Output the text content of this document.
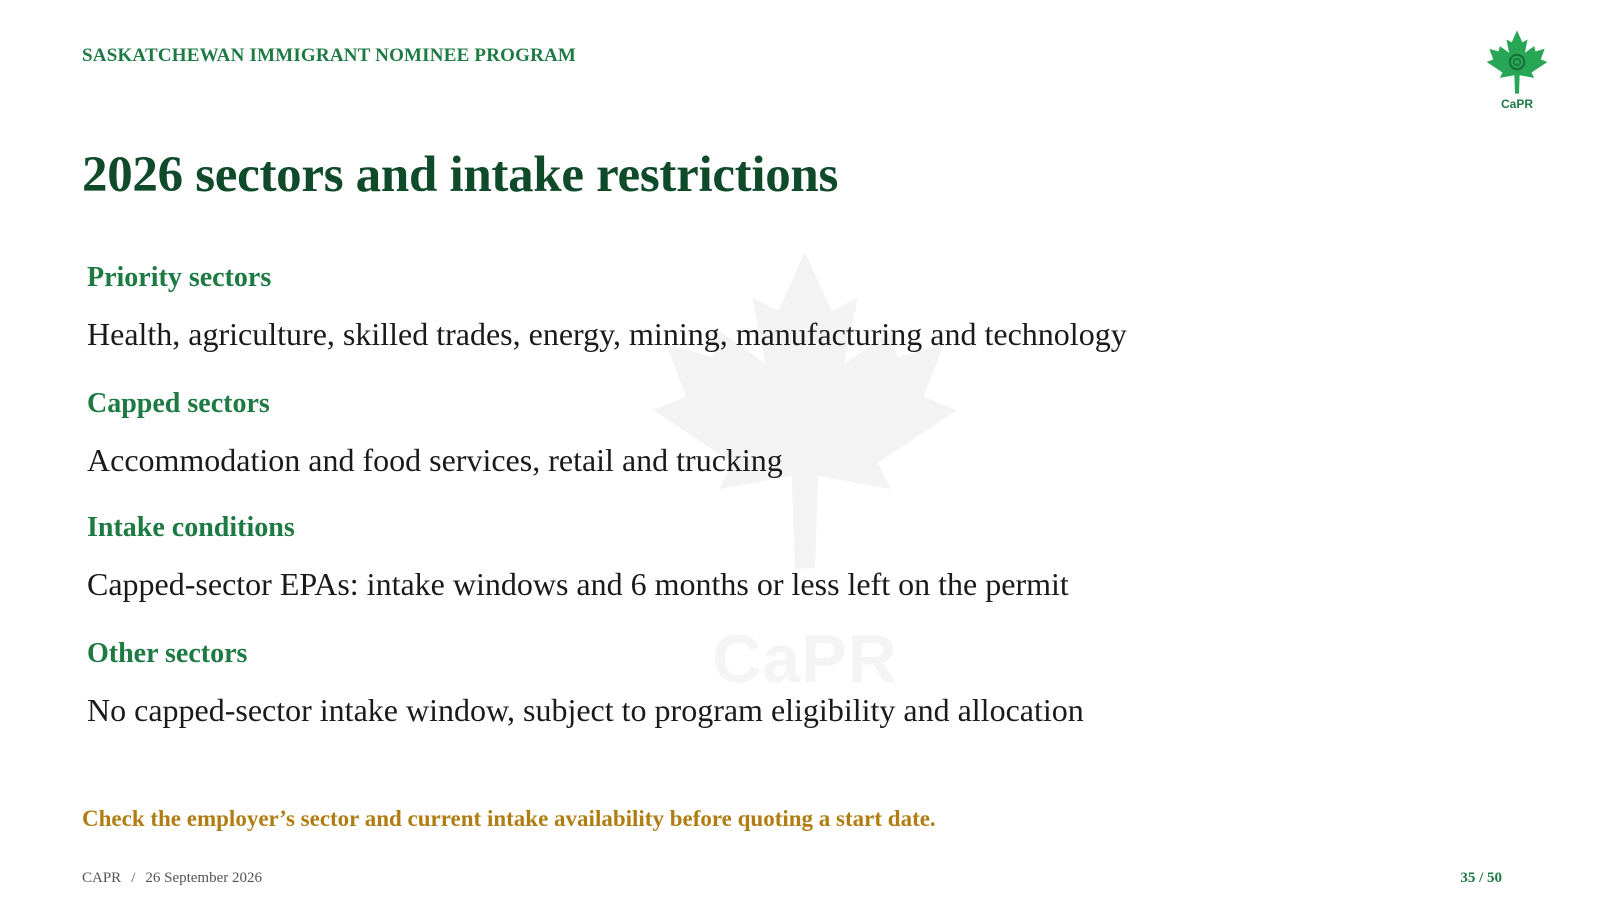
CaPR
SASKATCHEWAN IMMIGRANT NOMINEE PROGRAM
CaPR
2026 sectors and intake restrictions
Priority sectors
Health, agriculture, skilled trades, energy, mining, manufacturing and technology
Capped sectors
Accommodation and food services, retail and trucking
Intake conditions
Capped-sector EPAs: intake windows and 6 months or less left on the permit
Other sectors
No capped-sector intake window, subject to program eligibility and allocation
Check the employer’s sector and current intake availability before quoting a start date.
CAPR / 26 September 2026	35 / 50
